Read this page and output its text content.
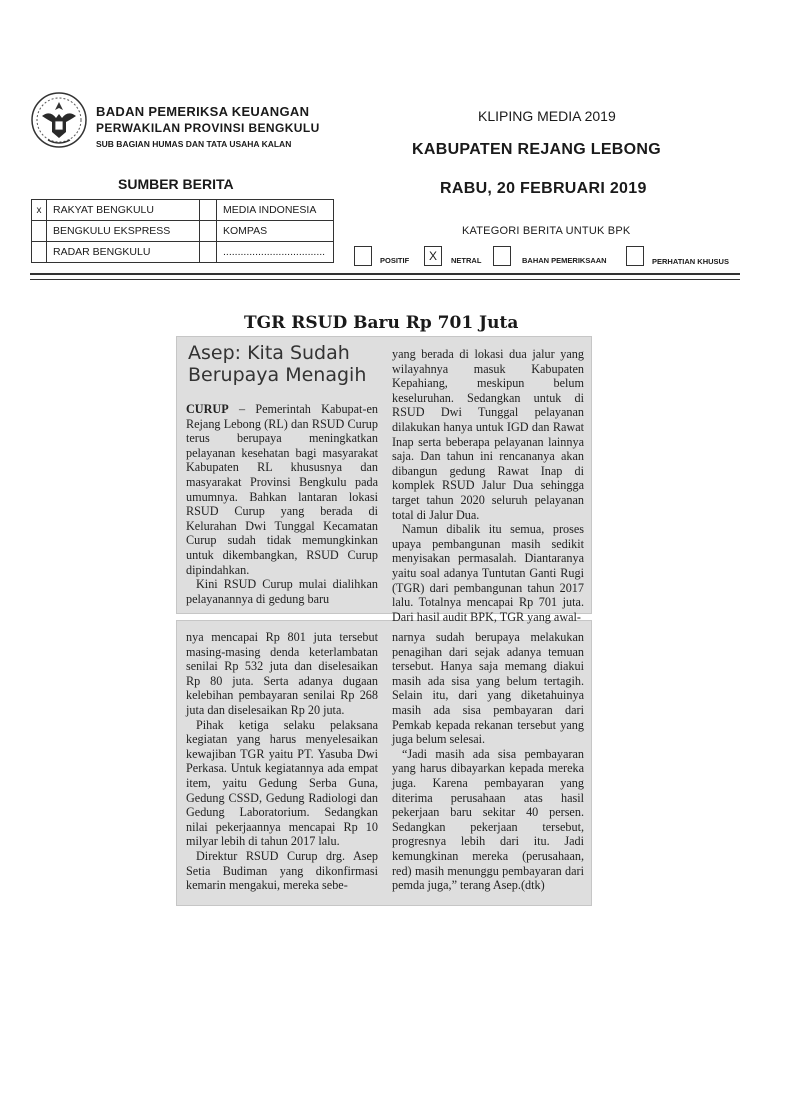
BADAN PEMERIKSA KEUANGAN
PERWAKILAN PROVINSI BENGKULU
SUB BAGIAN HUMAS DAN TATA USAHA KALAN
KLIPING MEDIA 2019
KABUPATEN REJANG LEBONG
RABU, 20 FEBRUARI 2019
SUMBER BERITA
x	RAKYAT BENGKULU		MEDIA INDONESIA
	BENGKULU EKSPRESS		KOMPAS
	RADAR BENGKULU		...................................
KATEGORI BERITA UNTUK BPK
POSITIF	X	NETRAL	BAHAN PEMERIKSAAN	PERHATIAN KHUSUS
TGR RSUD Baru Rp 701 Juta
Asep: Kita Sudah
Berupaya Menagih

CURUP – Pemerintah Kabupat-en Rejang Lebong (RL) dan RSUD Curup terus berupaya meningkatkan pelayanan kesehatan bagi masyarakat Kabupaten RL khususnya dan masyarakat Provinsi Bengkulu pada umumnya. Bahkan lantaran lokasi RSUD Curup yang berada di Kelurahan Dwi Tunggal Kecamatan Curup sudah tidak memungkinkan untuk dikembangkan, RSUD Curup dipindahkan.

Kini RSUD Curup mulai dialihkan pelayanannya di gedung baru

yang berada di lokasi dua jalur yang wilayahnya masuk Kabupaten Kepahiang, meskipun belum keseluruhan. Sedangkan untuk di RSUD Dwi Tunggal pelayanan dilakukan hanya untuk IGD dan Rawat Inap serta beberapa pelayanan lainnya saja. Dan tahun ini rencananya akan dibangun gedung Rawat Inap di komplek RSUD Jalur Dua sehingga target tahun 2020 seluruh pelayanan total di Jalur Dua.

Namun dibalik itu semua, proses upaya pembangunan masih sedikit menyisakan permasalah. Diantaranya yaitu soal adanya Tuntutan Ganti Rugi (TGR) dari pembangunan tahun 2017 lalu. Totalnya mencapai Rp 701 juta. Dari hasil audit BPK, TGR yang awal-

nya mencapai Rp 801 juta tersebut masing-masing denda keterlambatan senilai Rp 532 juta dan diselesaikan Rp 80 juta. Serta adanya dugaan kelebihan pembayaran senilai Rp 268 juta dan diselesaikan Rp 20 juta.

Pihak ketiga selaku pelaksana kegiatan yang harus menyelesaikan kewajiban TGR yaitu PT. Yasuba Dwi Perkasa. Untuk kegiatannya ada empat item, yaitu Gedung Serba Guna, Gedung CSSD, Gedung Radiologi dan Gedung Laboratorium. Sedangkan nilai pekerjaannya mencapai Rp 10 milyar lebih di tahun 2017 lalu.

Direktur RSUD Curup drg. Asep Setia Budiman yang dikonfirmasi kemarin mengakui, mereka sebe-

narnya sudah berupaya melakukan penagihan dari sejak adanya temuan tersebut. Hanya saja memang diakui masih ada sisa yang belum tertagih. Selain itu, dari yang diketahuinya masih ada sisa pembayaran dari Pemkab kepada rekanan tersebut yang juga belum selesai.

“Jadi masih ada sisa pembayaran yang harus dibayarkan kepada mereka juga. Karena pembayaran yang diterima perusahaan atas hasil pekerjaan baru sekitar 40 persen. Sedangkan pekerjaan tersebut, progresnya lebih dari itu. Jadi kemungkinan mereka (perusahaan, red) masih menunggu pembayaran dari pemda juga,” terang Asep.(dtk)
